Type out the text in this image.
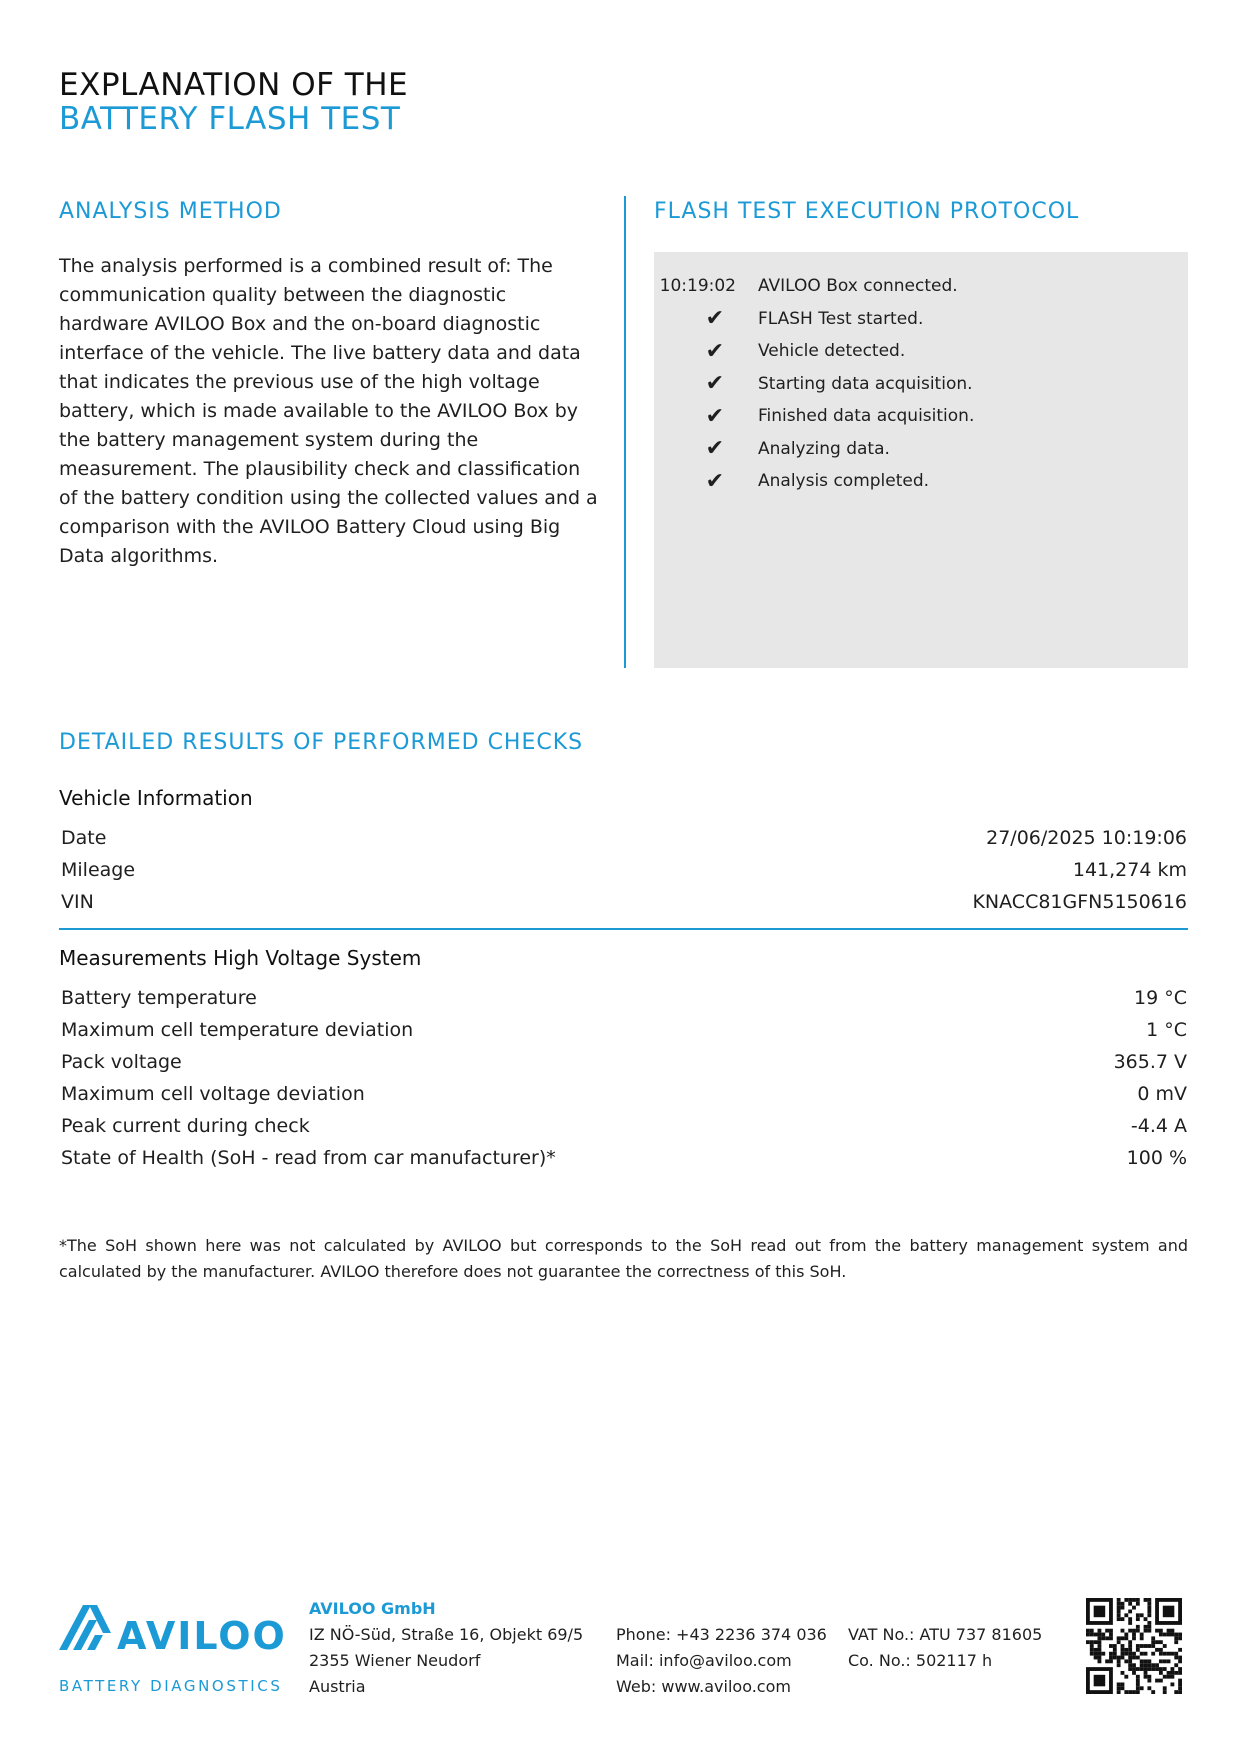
EXPLANATION OF THE
BATTERY FLASH TEST
ANALYSIS METHOD
The analysis performed is a combined result of: The communication quality between the diagnostic hardware AVILOO Box and the on-board diagnostic interface of the vehicle. The live battery data and data that indicates the previous use of the high voltage battery, which is made available to the AVILOO Box by the battery management system during the measurement. The plausibility check and classification of the battery condition using the collected values and a comparison with the AVILOO Battery Cloud using Big Data algorithms.
FLASH TEST EXECUTION PROTOCOL
10:19:02	AVILOO Box connected.
✔	FLASH Test started.
✔	Vehicle detected.
✔	Starting data acquisition.
✔	Finished data acquisition.
✔	Analyzing data.
✔	Analysis completed.
DETAILED RESULTS OF PERFORMED CHECKS
Vehicle Information
Date	27/06/2025 10:19:06
Mileage	141,274 km
VIN	KNACC81GFN5150616
Measurements High Voltage System
Battery temperature	19 °C
Maximum cell temperature deviation	1 °C
Pack voltage	365.7 V
Maximum cell voltage deviation	0 mV
Peak current during check	-4.4 A
State of Health (SoH - read from car manufacturer)*	100 %
*The SoH shown here was not calculated by AVILOO but corresponds to the SoH read out from the battery management system and calculated by the manufacturer. AVILOO therefore does not guarantee the correctness of this SoH.
AVILOO
BATTERY DIAGNOSTICS
AVILOO GmbH
IZ NÖ-Süd, Straße 16, Objekt 69/5
2355 Wiener Neudorf
Austria
Phone: +43 2236 374 036
Mail: info@aviloo.com
Web: www.aviloo.com
VAT No.: ATU 737 81605
Co. No.: 502117 h
